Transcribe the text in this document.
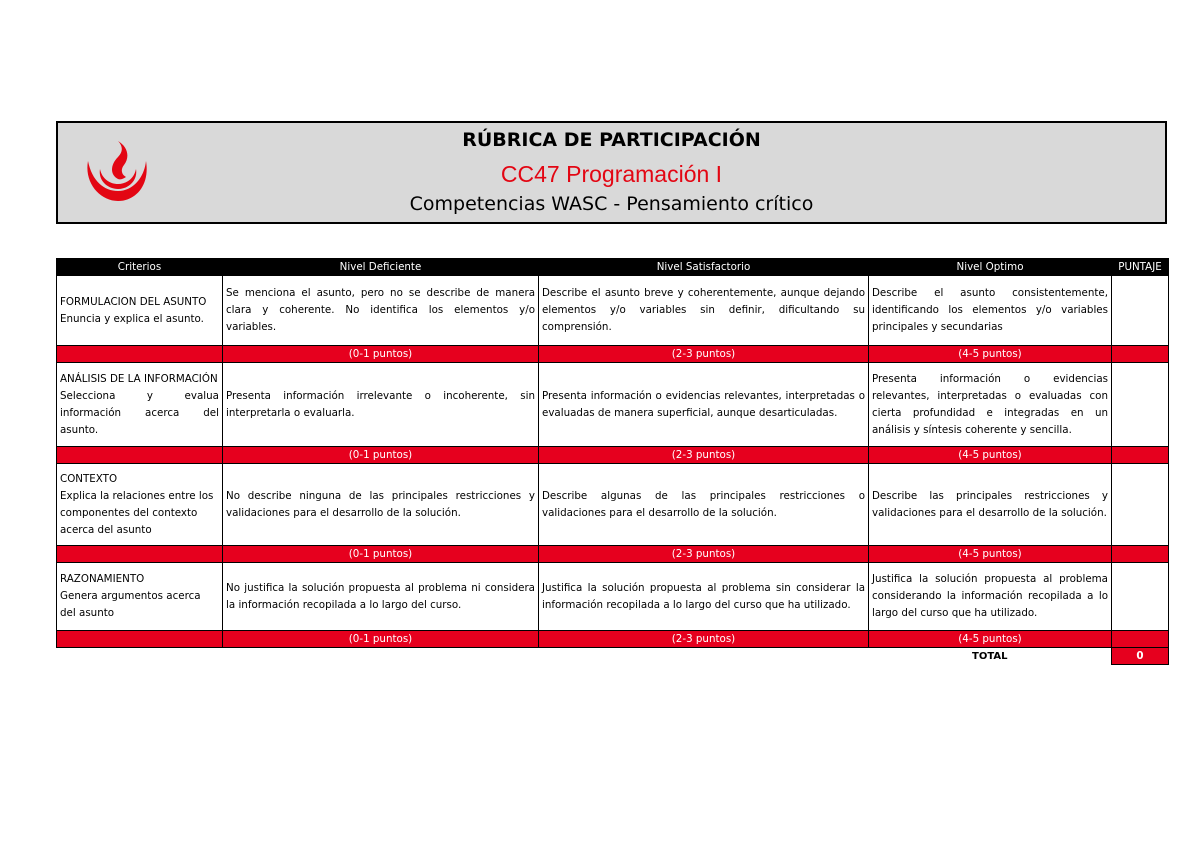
RÚBRICA DE PARTICIPACIÓN
CC47 Programación I
Competencias WASC - Pensamiento crítico
Criterios	Nivel Deficiente	Nivel Satisfactorio	Nivel Optimo	PUNTAJE

FORMULACION DEL ASUNTO
Enuncia y explica el asunto.	Se menciona el asunto, pero no se describe de manera clara y coherente. No identifica los elementos y/o variables.	Describe el asunto breve y coherentemente, aunque dejando elementos y/o variables sin definir, dificultando su comprensión.	Describe el asunto consistentemente, identificando los elementos y/o variables principales y secundarias	
	(0-1 puntos)	(2-3 puntos)	(4-5 puntos)	

ANÁLISIS DE LA INFORMACIÓN
Selecciona y evalua información acerca del asunto.	Presenta información irrelevante o incoherente, sin interpretarla o evaluarla.	Presenta información o evidencias relevantes, interpretadas o evaluadas de manera superficial, aunque desarticuladas.	Presenta información o evidencias relevantes, interpretadas o evaluadas con cierta profundidad e integradas en un análisis y síntesis coherente y sencilla.	
	(0-1 puntos)	(2-3 puntos)	(4-5 puntos)	

CONTEXTO
Explica la relaciones entre los componentes del contexto acerca del asunto	No describe ninguna de las principales restricciones y validaciones para el desarrollo de la solución.	Describe algunas de las principales restricciones o validaciones para el desarrollo de la solución.	Describe las principales restricciones y validaciones para el desarrollo de la solución.	
	(0-1 puntos)	(2-3 puntos)	(4-5 puntos)	

RAZONAMIENTO
Genera argumentos acerca del asunto	No justifica la solución propuesta al problema ni considera la información recopilada a lo largo del curso.	Justifica la solución propuesta al problema sin considerar la información recopilada a lo largo del curso que ha utilizado.	Justifica la solución propuesta al problema considerando la información recopilada a lo largo del curso que ha utilizado.	
	(0-1 puntos)	(2-3 puntos)	(4-5 puntos)	
			TOTAL	0
